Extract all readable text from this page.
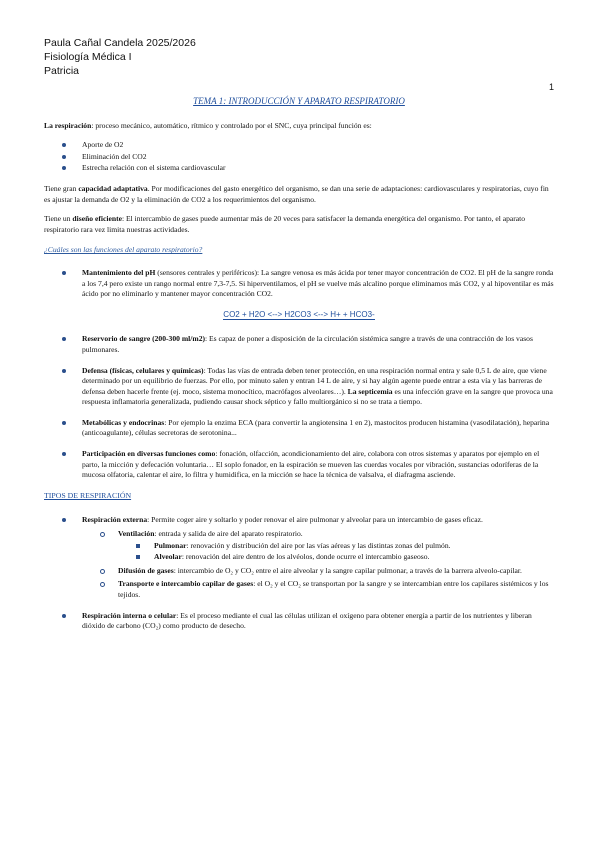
Paula Cañal Candela 2025/2026
Fisiología Médica I
Patricia
1
TEMA 1: INTRODUCCIÓN Y APARATO RESPIRATORIO

La respiración: proceso mecánico, automático, rítmico y controlado por el SNC, cuya principal función es:

Aporte de O2
Eliminación del CO2
Estrecha relación con el sistema cardiovascular

Tiene gran capacidad adaptativa. Por modificaciones del gasto energético del organismo, se dan una serie de adaptaciones: cardiovasculares y respiratorias, cuyo fin es ajustar la demanda de O2 y la eliminación de CO2 a los requerimientos del organismo.

Tiene un diseño eficiente: El intercambio de gases puede aumentar más de 20 veces para satisfacer la demanda energética del organismo. Por tanto, el aparato respiratorio rara vez limita nuestras actividades.

¿Cuáles son las funciones del aparato respiratorio?
Mantenimiento del pH (sensores centrales y periféricos): La sangre venosa es más ácida por tener mayor concentración de CO2. El pH de la sangre ronda a los 7,4 pero existe un rango normal entre 7,3-7,5. Si hiperventilamos, el pH se vuelve más alcalino porque eliminamos más CO2, y al hipoventilar es más ácido por no eliminarlo y mantener mayor concentración CO2.
CO2 + H2O <--> H2CO3 <--> H+ + HCO3-
Reservorio de sangre (200-300 ml/m2): Es capaz de poner a disposición de la circulación sistémica sangre a través de una contracción de los vasos pulmonares.
Defensa (físicas, celulares y químicas): Todas las vías de entrada deben tener protección, en una respiración normal entra y sale 0,5 L de aire, que viene determinado por un equilibrio de fuerzas. Por ello, por minuto salen y entran 14 L de aire, y si hay algún agente puede entrar a esta vía y las barreras de defensa deben hacerle frente (ej. moco, sistema monocítico, macrófagos alveolares…). La septicemia es una infección grave en la sangre que provoca una respuesta inflamatoria generalizada, pudiendo causar shock séptico y fallo multiorgánico si no se trata a tiempo.
Metabólicas y endocrinas: Por ejemplo la enzima ECA (para convertir la angiotensina 1 en 2), mastocitos producen histamina (vasodilatación), heparina (anticoagulante), células secretoras de serotonina...
Participación en diversas funciones como: fonación, olfacción, acondicionamiento del aire, colabora con otros sistemas y aparatos por ejemplo en el parto, la micción y defecación voluntaria… El soplo fonador, en la espiración se mueven las cuerdas vocales por vibración, sustancias odoríferas de la mucosa olfatoria, calentar el aire, lo filtra y humidifica, en la micción se hace la técnica de valsalva, el diafragma asciende.
TIPOS DE RESPIRACIÓN
Respiración externa: Permite coger aire y soltarlo y poder renovar el aire pulmonar y alveolar para un intercambio de gases eficaz.
Ventilación: entrada y salida de aire del aparato respiratorio.
Pulmonar: renovación y distribución del aire por las vías aéreas y las distintas zonas del pulmón.
Alveolar: renovación del aire dentro de los alvéolos, donde ocurre el intercambio gaseoso.
Difusión de gases: intercambio de O₂ y CO₂ entre el aire alveolar y la sangre capilar pulmonar, a través de la barrera alveolo-capilar.
Transporte e intercambio capilar de gases: el O₂ y el CO₂ se transportan por la sangre y se intercambian entre los capilares sistémicos y los tejidos.
Respiración interna o celular: Es el proceso mediante el cual las células utilizan el oxígeno para obtener energía a partir de los nutrientes y liberan dióxido de carbono (CO₂) como producto de desecho.
